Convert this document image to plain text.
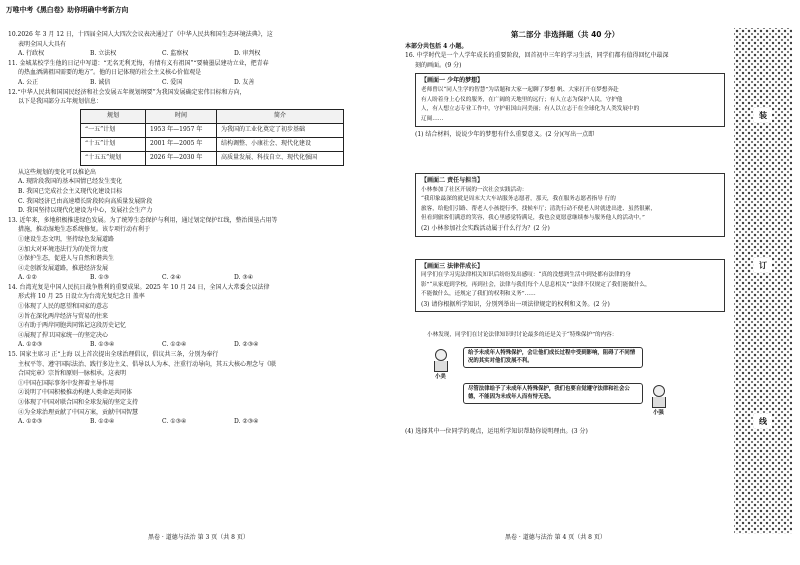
万唯中考《黑白卷》助你明确中考新方向

10.2026 年 3 月 12 日，十四届全国人大四次会议表决通过了《中华人民共和国生态环境法典》，这

表明全国人大具有

A. 行政权	B. 立法权	C. 监察权	D. 审判权

11. 金城某校学生他的日记中写道：“无名无利无悔，有情有义有祖国”“要骑墨层建功立业，把青春

的热血洒满祖国需要的地方”。他的日记体现的社会主义核心价值观是

A. 公正	B. 诚信	C. 爱国	D. 友善

12.“中华人民共和国国民经济和社会发展五年规划纲要”为我国发展确定宏伟目标和方向，

以下是我国部分五年规划信息：

规划	时间	简介
“一五”计划	1953 年—1957 年	为我国的工业化奠定了初步基础
“十五”计划	2001 年—2005 年	结构调整、小康社会、现代化建设
“十五五”规划	2026 年—2030 年	高质量发展、科技自立、现代化强国

从这些规划的变化可以推论出

A. 现阶段我国的基本国情已经发生变化

B. 我国已完成社会主义现代化建设目标

C. 我国经济已由高速增长阶段转向高质量发展阶段

D. 我国坚持以现代化建设为中心，发展社会生产力

13. 近年来，多地积极推进绿色发展。为了统筹生态保护与利用，通过划定保护红线，整治围垦占用等

措施，推动湿地生态系统修复。该专项行动有利于

①建设生态文明，坚持绿色发展道路

②加大对环境违法行为的处罚力度

③保护生态，促进人与自然和谐共生

④走创新发展道路，推进经济发展

A. ①②	B. ①③	C. ②④	D. ③④

14. 台湾光复是中国人民抗日战争胜利的重要成果。2025 年 10 月 24 日，全国人大常委会以法律

形式将 10 月 25 日设立为台湾光复纪念日 盖率

①体现了人民的愿望和国家的意志

②旨在深化两岸经济与贸易的往来

③有助于两岸同胞共同铭记这段历史记忆

④展现了捍卫国家统一的坚定决心

A. ①②③	B. ①③④	C. ①②④	D. ②③④

15. 国家主席习 正“上海 以上首次提出全球治理倡议，倡议共三条，分别为奉行

主权平等、遵守国际法治、践行多边主义、倡导以人为本、注重行动导向，其五大核心理念与《联

合国宪章》宗旨和原则一脉相承。这表明

①中国在国际事务中发挥着主导作用

②说明了中国积极推动构建人类命运共同体

③体现了中国对联合国和全球发展的坚定支持

④为全球治理贡献了中国方案，贡献中国智慧

A. ①②③	B. ①②④	C. ①③④	D. ②③④
黑卷 · 道德与法治 第 3 页（共 8 页）

第二部分 非选择题（共 40 分）

本部分共包括 4 小题。

16. 中学时代是一个人学年成长的重要阶段，回首初中三年的学习生活，同学们都有值得回忆中最深

刻的画面。(9 分)

【画面一 少年的梦想】
老师曾以“同人生学的智慧”为话题和大家一起聊了梦想 帆、大家打开在梦想奔赴
有人盼着身上心仪的服务，在广阔的天地里的远行；有人立志为保护人民，守护他
人，有人想立志专业工作中，守护祖国山河美丽；有人以立志于在全球化为人类发展中的
辽阔……

(1) 结合材料，说说少年的梦想有什么重要意义。(2 分)(写出一点即

【画面二 责任与担当】
小林参加了社区开展的一次社会实践活动：
“我印象最深的就是周末大大车站服务志愿者，那天，我在服务志愿者指导 行的
旅客，给他们引路、帮老人小孩提行李，找候车厅；清洗行动不便老人时就进出进、虽然很累，
但看到旅客们满意的笑容，我心里感觉特满足，我也会更愿意继续参与服务他人的活动中。”
(2) 小林参加社会实践活动属于什么行为？(2 分)
【画面三 法律伴成长】
同学们在学习宪法律相关知识后纷纷发出感叹：“真的没想到生活中到处都有法律的身
影”“从家庭到学校，再到社会，法律与我们每个人息息相关”“法律不仅规定了我们能做什么，
不能做什么，还规定了我们的权利和义务”……
(3) 请你根据所学知识，分别列举出一项法律规定的权利和义务。(2 分)
小林发现，同学们在讨论法律知识时讨论最多的还是关于“特殊保护”的内容：
小美
给予未成年人特殊保护，会让他们成长过程中受到影响，阻碍了不同情况的其实对他们发展不利。
尽管法律给予了未成年人特殊保护，我们也要自觉遵守法律和社会公德，不能因为未成年人而有恃无恐。
小强

(4) 选择其中一位同学的观点，运用所学知识帮助你说明理由。(3 分)

黑卷 · 道德与法治 第 4 页（共 8 页）
装
订
线
